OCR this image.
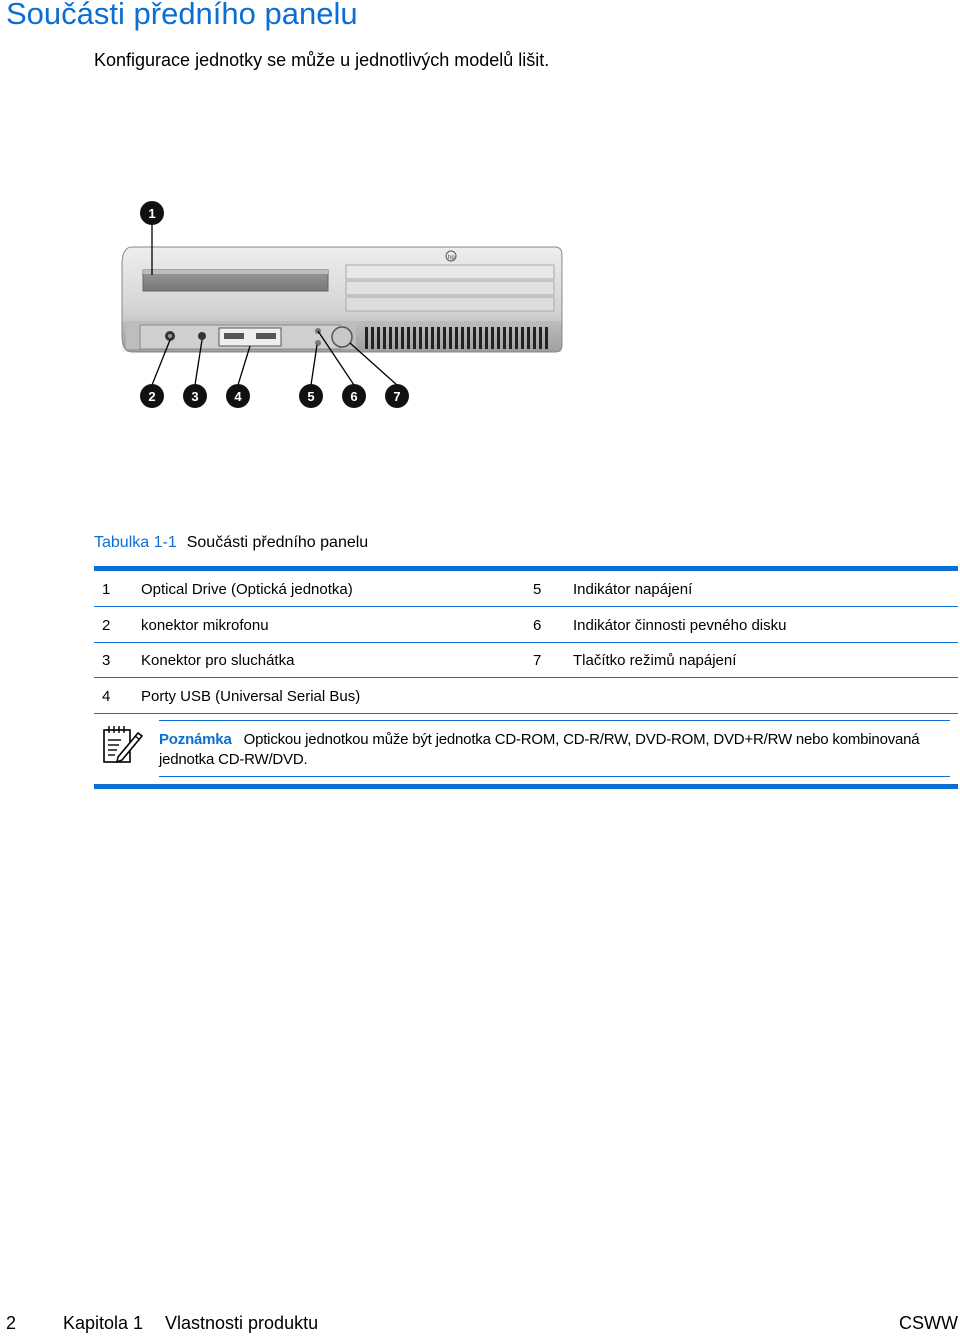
Součásti předního panelu
Konfigurace jednotky se může u jednotlivých modelů lišit.
hp
1
2	3	4	5	6	7
Tabulka 1-1 Součásti předního panelu
1 Optical Drive (Optická jednotka)	5 Indikátor napájení
2 konektor mikrofonu	6 Indikátor činnosti pevného disku
3 Konektor pro sluchátka	7 Tlačítko režimů napájení
4 Porty USB (Universal Serial Bus)
Poznámka Optickou jednotkou může být jednotka CD-ROM, CD-R/RW, DVD-ROM, DVD+R/RW nebo kombinovaná jednotka CD-RW/DVD.
2	Kapitola 1 Vlastnosti produktu	CSWW
